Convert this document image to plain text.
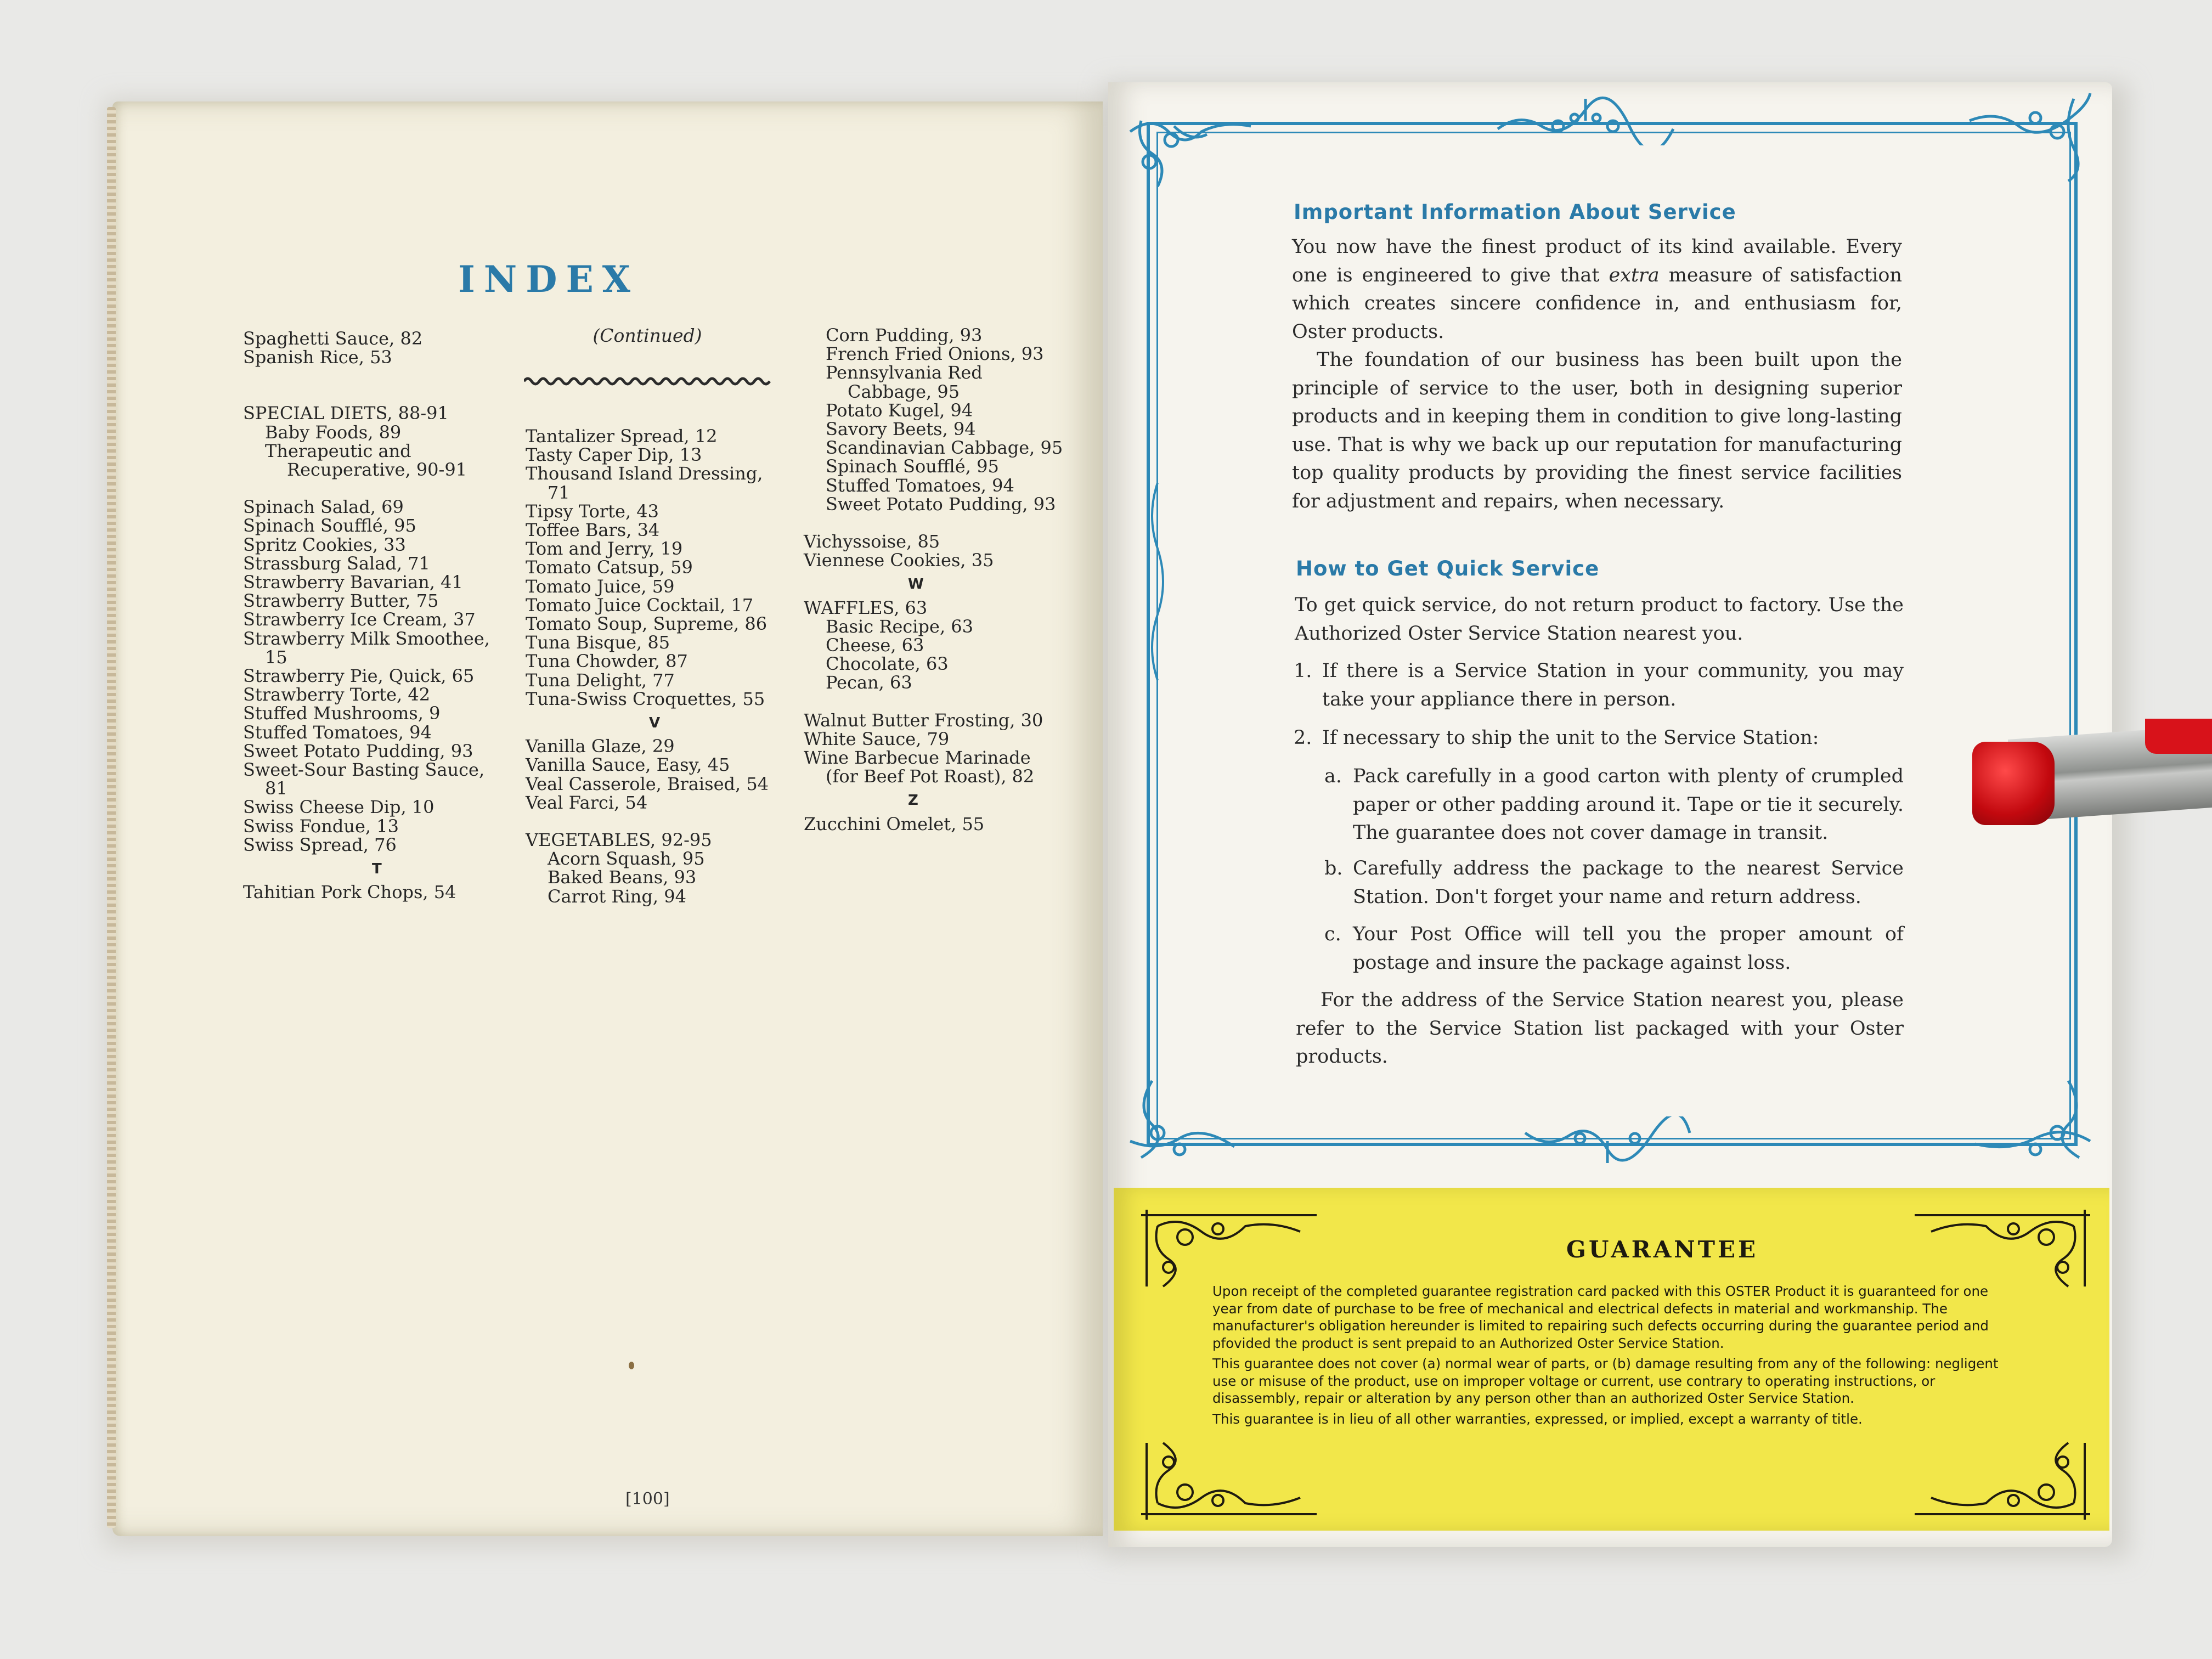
INDEX
(Continued)
Spaghetti Sauce, 82
Spanish Rice, 53
SPECIAL DIETS, 88-91
Baby Foods, 89
Therapeutic and
Recuperative, 90-91
Spinach Salad, 69
Spinach Soufflé, 95
Spritz Cookies, 33
Strassburg Salad, 71
Strawberry Bavarian, 41
Strawberry Butter, 75
Strawberry Ice Cream, 37
Strawberry Milk Smoothee,
15
Strawberry Pie, Quick, 65
Strawberry Torte, 42
Stuffed Mushrooms, 9
Stuffed Tomatoes, 94
Sweet Potato Pudding, 93
Sweet-Sour Basting Sauce,
81
Swiss Cheese Dip, 10
Swiss Fondue, 13
Swiss Spread, 76
T
Tahitian Pork Chops, 54
Tantalizer Spread, 12
Tasty Caper Dip, 13
Thousand Island Dressing,
71
Tipsy Torte, 43
Toffee Bars, 34
Tom and Jerry, 19
Tomato Catsup, 59
Tomato Juice, 59
Tomato Juice Cocktail, 17
Tomato Soup, Supreme, 86
Tuna Bisque, 85
Tuna Chowder, 87
Tuna Delight, 77
Tuna-Swiss Croquettes, 55
V
Vanilla Glaze, 29
Vanilla Sauce, Easy, 45
Veal Casserole, Braised, 54
Veal Farci, 54
VEGETABLES, 92-95
Acorn Squash, 95
Baked Beans, 93
Carrot Ring, 94
Corn Pudding, 93
French Fried Onions, 93
Pennsylvania Red
Cabbage, 95
Potato Kugel, 94
Savory Beets, 94
Scandinavian Cabbage, 95
Spinach Soufflé, 95
Stuffed Tomatoes, 94
Sweet Potato Pudding, 93
Vichyssoise, 85
Viennese Cookies, 35
W
WAFFLES, 63
Basic Recipe, 63
Cheese, 63
Chocolate, 63
Pecan, 63
Walnut Butter Frosting, 30
White Sauce, 79
Wine Barbecue Marinade
(for Beef Pot Roast), 82
Z
Zucchini Omelet, 55
[100]
Important Information About Service

You now have the finest product of its kind available. Every one is engineered to give that extra measure of satisfaction which creates sincere confidence in, and enthusiasm for, Oster products.

The foundation of our business has been built upon the principle of service to the user, both in designing superior products and in keeping them in condition to give long-lasting use. That is why we back up our reputation for manufacturing top quality products by providing the finest service facilities for adjustment and repairs, when necessary.

How to Get Quick Service
To get quick service, do not return product to factory. Use the Authorized Oster Service Station nearest you.
1. If there is a Service Station in your community, you may take your appliance there in person.
2. If necessary to ship the unit to the Service Station:
a. Pack carefully in a good carton with plenty of crumpled paper or other padding around it. Tape or tie it securely. The guarantee does not cover damage in transit.
b. Carefully address the package to the nearest Service Station. Don't forget your name and return address.
c. Your Post Office will tell you the proper amount of postage and insure the package against loss.

For the address of the Service Station nearest you, please refer to the Service Station list packaged with your Oster products.

GUARANTEE

Upon receipt of the completed guarantee registration card packed with this OSTER Product it is guaranteed for one year from date of purchase to be free of mechanical and electrical defects in material and workmanship. The manufacturer's obligation hereunder is limited to repairing such defects occurring during the guarantee period and pfovided the product is sent prepaid to an Authorized Oster Service Station.

This guarantee does not cover (a) normal wear of parts, or (b) damage resulting from any of the following: negligent use or misuse of the product, use on improper voltage or current, use contrary to operating instructions, or disassembly, repair or alteration by any person other than an authorized Oster Service Station.

This guarantee is in lieu of all other warranties, expressed, or implied, except a warranty of title.
